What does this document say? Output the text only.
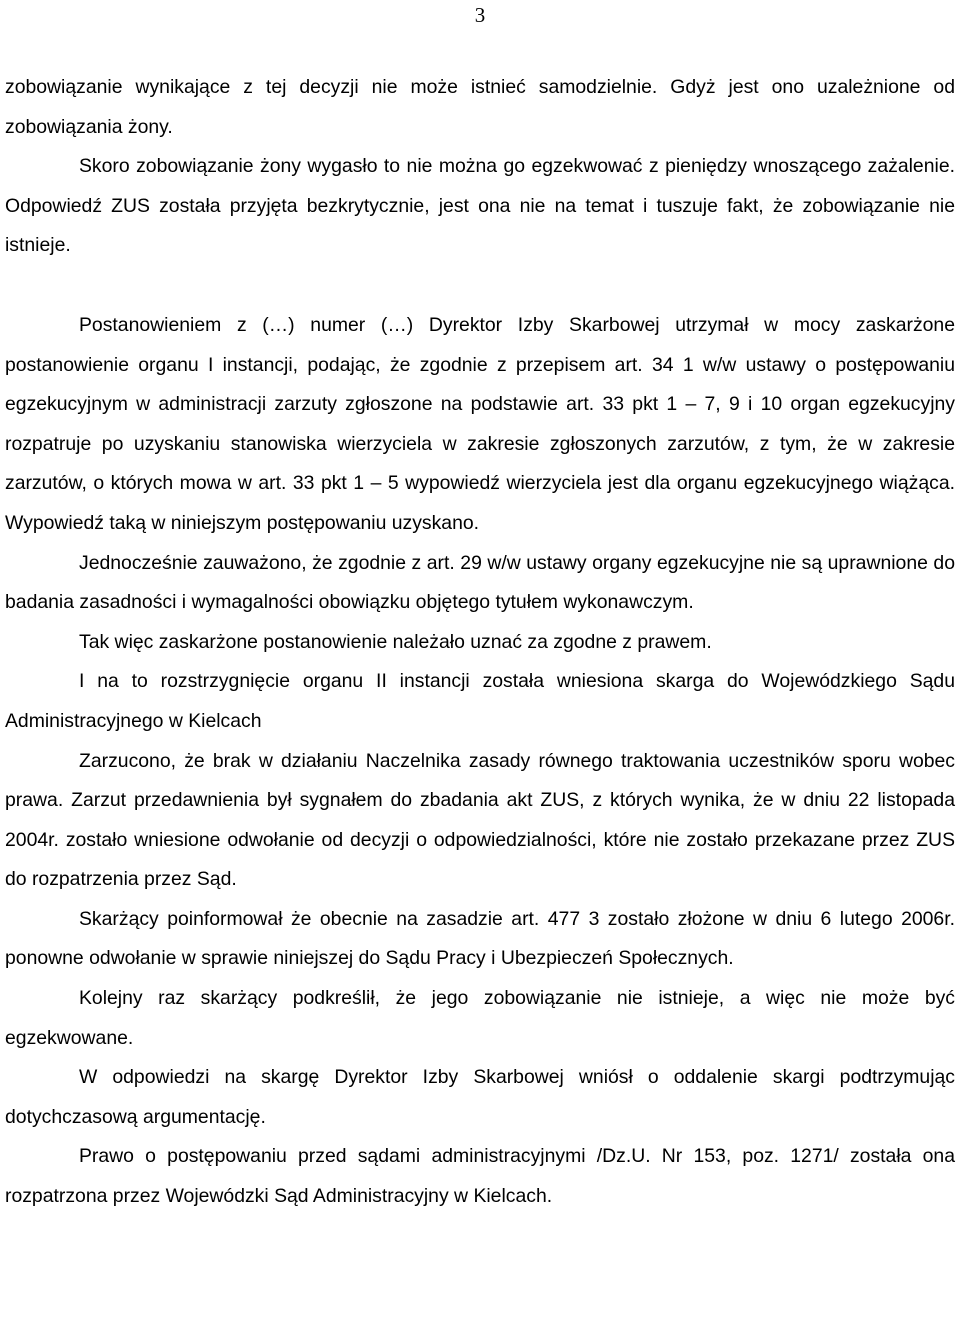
3

zobowiązanie wynikające z tej decyzji nie może istnieć samodzielnie. Gdyż jest ono uzależnione od zobowiązania żony.

Skoro zobowiązanie żony wygasło to nie można go egzekwować z pieniędzy wnoszącego zażalenie. Odpowiedź ZUS została przyjęta bezkrytycznie, jest ona nie na temat i tuszuje fakt, że zobowiązanie nie istnieje.

Postanowieniem z (…) numer (…) Dyrektor Izby Skarbowej utrzymał w mocy zaskarżone postanowienie organu I instancji, podając, że zgodnie z przepisem art. 34 1 w/w ustawy o postępowaniu egzekucyjnym w administracji zarzuty zgłoszone na podstawie art. 33 pkt 1 – 7, 9 i 10 organ egzekucyjny rozpatruje po uzyskaniu stanowiska wierzyciela w zakresie zgłoszonych zarzutów, z tym, że w zakresie zarzutów, o których mowa w art. 33 pkt 1 – 5 wypowiedź wierzyciela jest dla organu egzekucyjnego wiążąca. Wypowiedź taką w niniejszym postępowaniu uzyskano.

Jednocześnie zauważono, że zgodnie z art. 29 w/w ustawy organy egzekucyjne nie są uprawnione do badania zasadności i wymagalności obowiązku objętego tytułem wykonawczym.

Tak więc zaskarżone postanowienie należało uznać za zgodne z prawem.

I na to rozstrzygnięcie organu II instancji została wniesiona skarga do Wojewódzkiego Sądu Administracyjnego w Kielcach

Zarzucono, że brak w działaniu Naczelnika zasady równego traktowania uczestników sporu wobec prawa. Zarzut przedawnienia był sygnałem do zbadania akt ZUS, z których wynika, że w dniu 22 listopada 2004r. zostało wniesione odwołanie od decyzji o odpowiedzialności, które nie zostało przekazane przez ZUS do rozpatrzenia przez Sąd.

Skarżący poinformował że obecnie na zasadzie art. 477 3 zostało złożone w dniu 6 lutego 2006r. ponowne odwołanie w sprawie niniejszej do Sądu Pracy i Ubezpieczeń Społecznych.

Kolejny raz skarżący podkreślił, że jego zobowiązanie nie istnieje, a więc nie może być egzekwowane.

W odpowiedzi na skargę Dyrektor Izby Skarbowej wniósł o oddalenie skargi podtrzymując dotychczasową argumentację.

Prawo o postępowaniu przed sądami administracyjnymi /Dz.U. Nr 153, poz. 1271/ została ona rozpatrzona przez Wojewódzki Sąd Administracyjny w Kielcach.
